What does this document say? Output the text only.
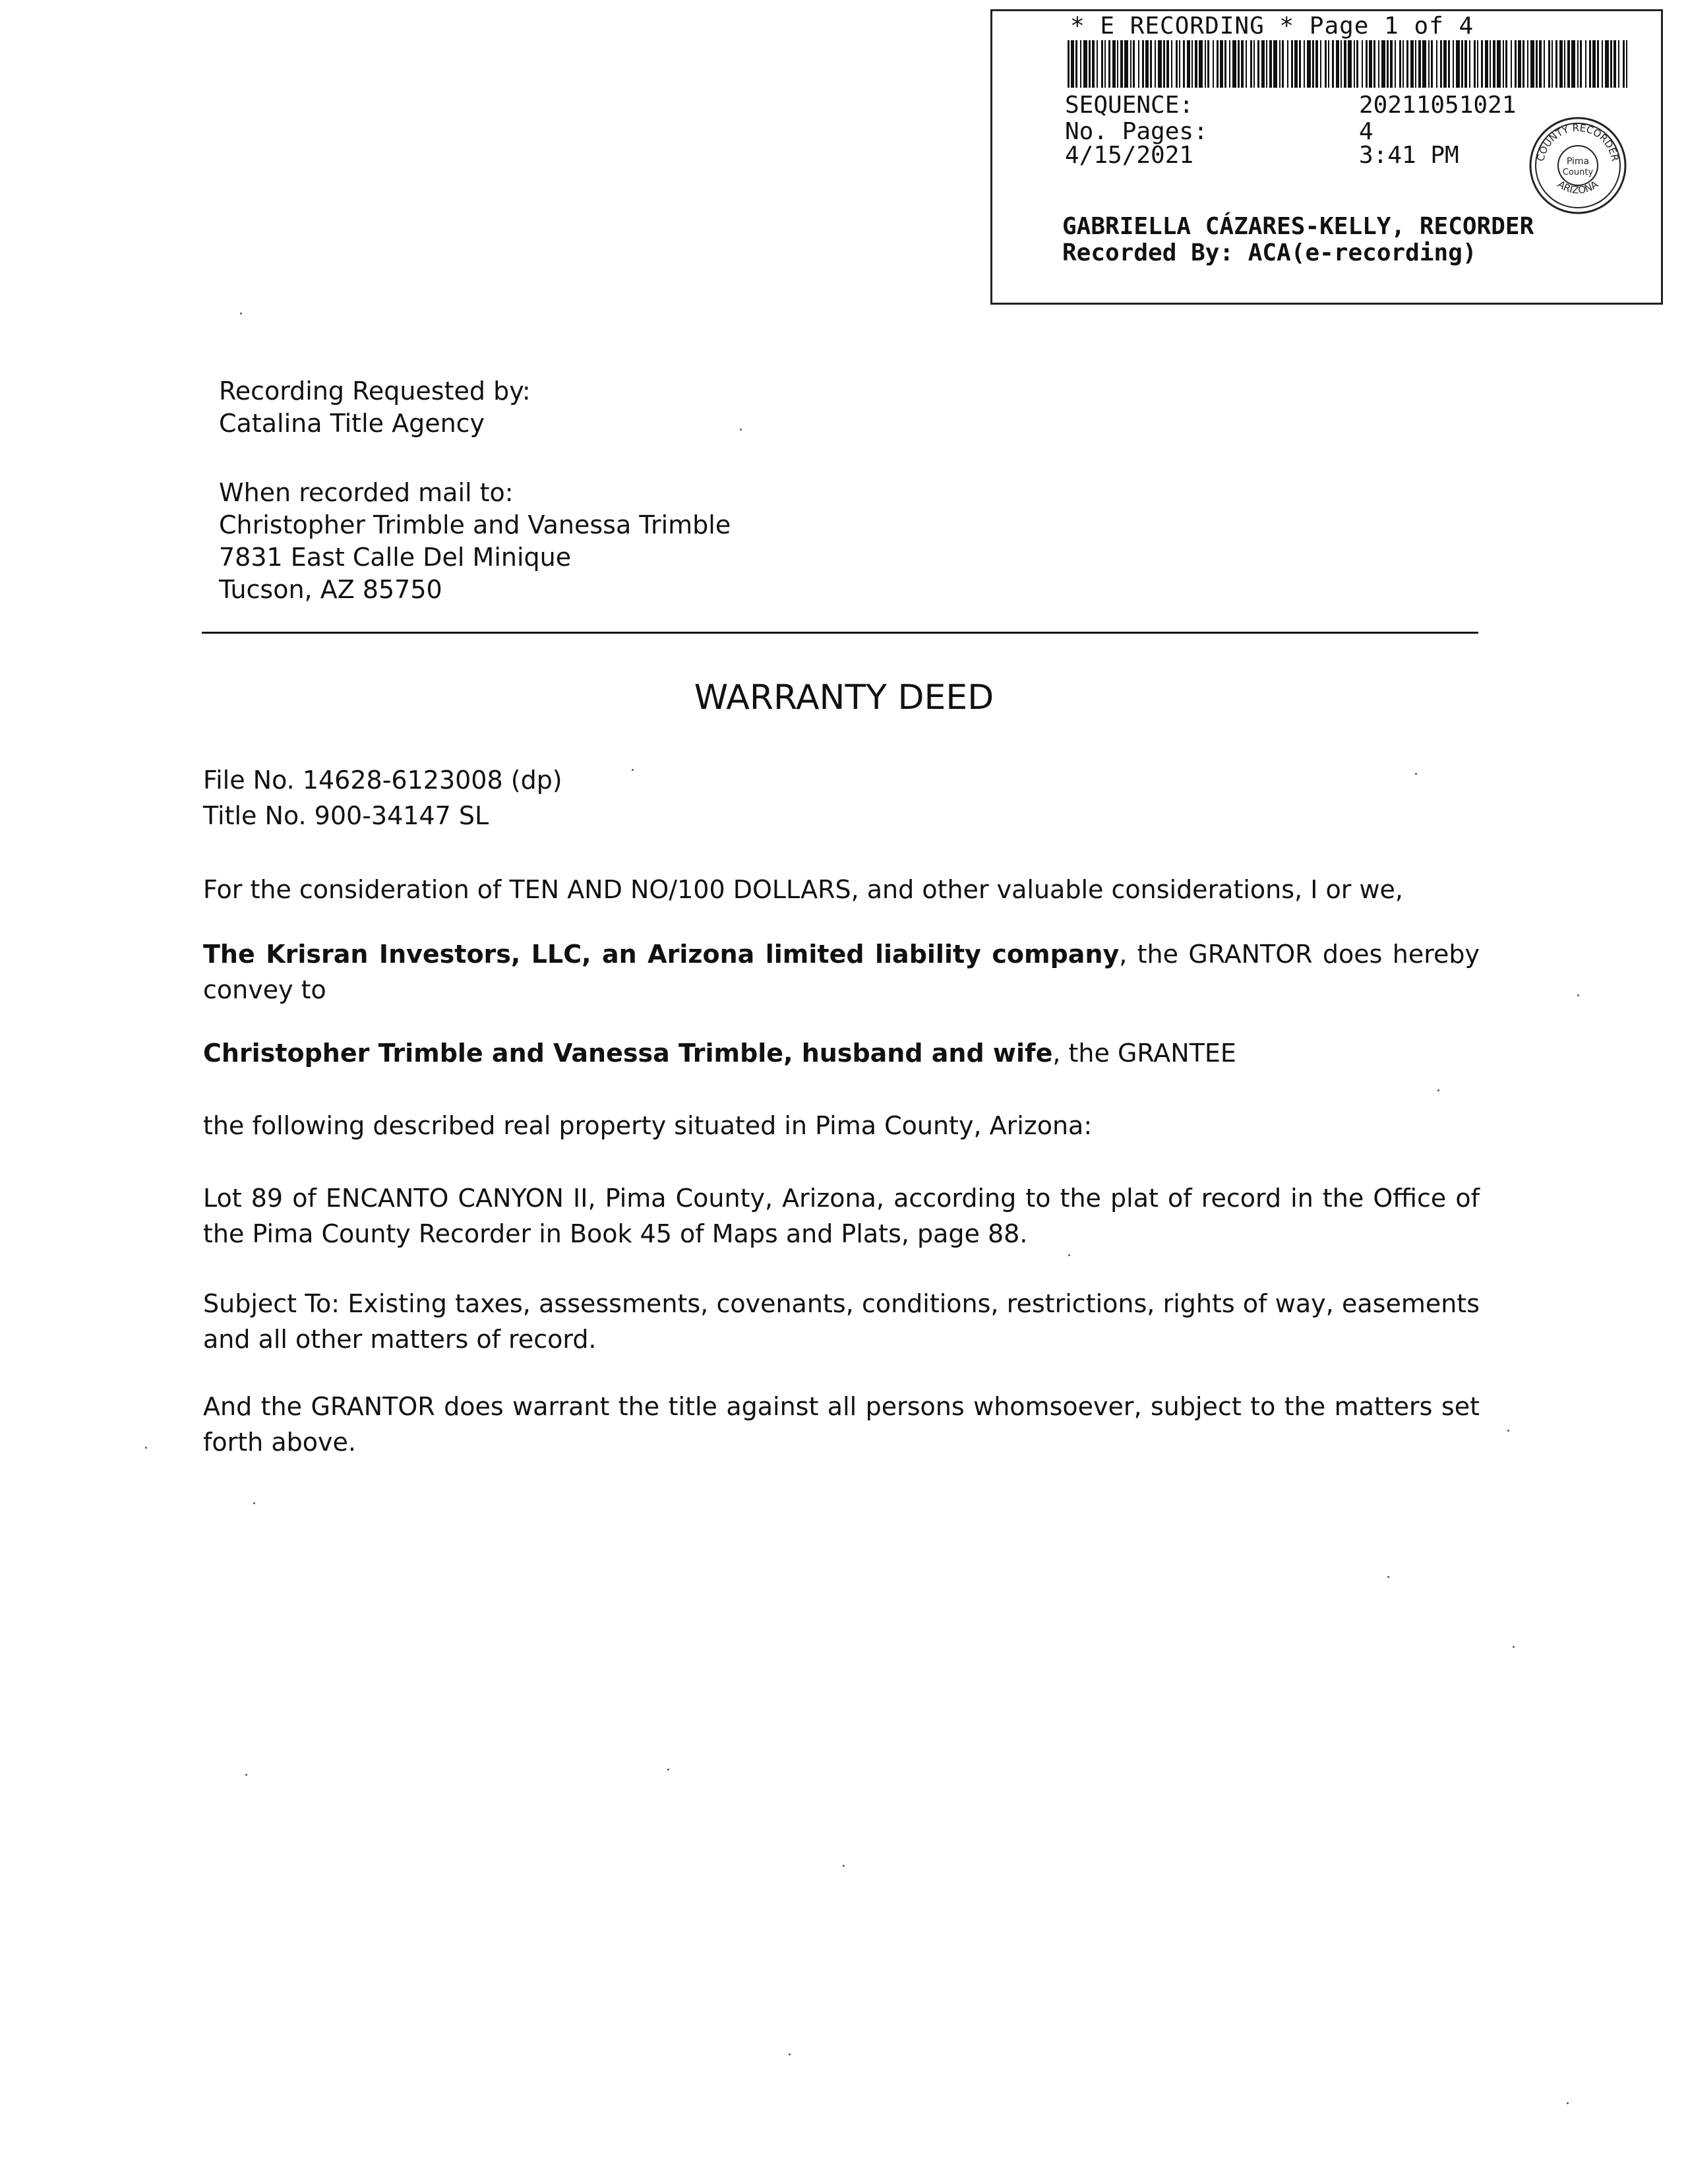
* E RECORDING * Page 1 of 4
SEQUENCE:	20211051021
No. Pages:	4
4/15/2021	3:41 PM	COUNTY RECORDER
ARIZONA
Pima
County
GABRIELLA CÁZARES-KELLY, RECORDER
Recorded By: ACA(e-recording)
Recording Requested by:
Catalina Title Agency
When recorded mail to:
Christopher Trimble and Vanessa Trimble
7831 East Calle Del Minique
Tucson, AZ 85750
WARRANTY DEED
File No. 14628-6123008 (dp)
Title No. 900-34147 SL
For the consideration of TEN AND NO/100 DOLLARS, and other valuable considerations, I or we,
The Krisran Investors, LLC, an Arizona limited liability company, the GRANTOR does hereby convey to
Christopher Trimble and Vanessa Trimble, husband and wife, the GRANTEE
the following described real property situated in Pima County, Arizona:
Lot 89 of ENCANTO CANYON II, Pima County, Arizona, according to the plat of record in the Office of the Pima County Recorder in Book 45 of Maps and Plats, page 88.
Subject To: Existing taxes, assessments, covenants, conditions, restrictions, rights of way, easements and all other matters of record.
And the GRANTOR does warrant the title against all persons whomsoever, subject to the matters set forth above.
